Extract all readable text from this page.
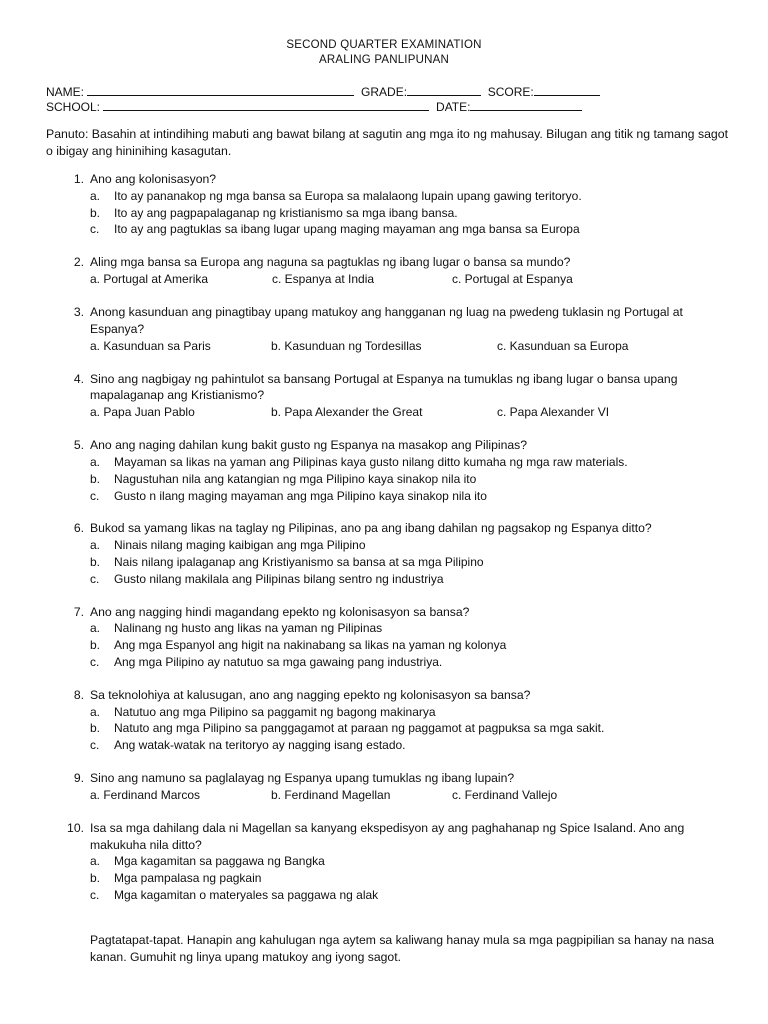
SECOND QUARTER EXAMINATION
ARALING PANLIPUNAN
NAME:	GRADE:	SCORE:
SCHOOL:	DATE:
Panuto: Basahin at intindihing mabuti ang bawat bilang at sagutin ang mga ito ng mahusay. Bilugan ang titik ng tamang sagot o ibigay ang hininihing kasagutan.
1. Ano ang kolonisasyon?
a.	Ito ay pananakop ng mga bansa sa Europa sa malalaong lupain upang gawing teritoryo.
b.	Ito ay ang pagpapalaganap ng kristianismo sa mga ibang bansa.
c.	Ito ay ang pagtuklas sa ibang lugar upang maging mayaman ang mga bansa sa Europa
2. Aling mga bansa sa Europa ang naguna sa pagtuklas ng ibang lugar o bansa sa mundo?
a.
Portugal at Amerika	c. Espanya at India	c. Portugal at Espanya
3. Anong kasunduan ang pinagtibay upang matukoy ang hangganan ng luag na pwedeng tuklasin ng Portugal at Espanya?
a.
Kasunduan sa Paris	b. Kasunduan ng Tordesillas	c. Kasunduan sa Europa
4. Sino ang nagbigay ng pahintulot sa bansang Portugal at Espanya na tumuklas ng ibang lugar o bansa upang mapalaganap ang Kristianismo?
a.
Papa Juan Pablo	b. Papa Alexander the Great	c. Papa Alexander VI
5. Ano ang naging dahilan kung bakit gusto ng Espanya na masakop ang Pilipinas?
a.	Mayaman sa likas na yaman ang Pilipinas kaya gusto nilang ditto kumaha ng mga raw materials.
b.	Nagustuhan nila ang katangian ng mga Pilipino kaya sinakop nila ito
c.	Gusto n ilang maging mayaman ang mga Pilipino kaya sinakop nila ito
6. Bukod sa yamang likas na taglay ng Pilipinas, ano pa ang ibang dahilan ng pagsakop ng Espanya ditto?
a.	Ninais nilang maging kaibigan ang mga Pilipino
b.	Nais nilang ipalaganap ang Kristiyanismo sa bansa at sa mga Pilipino
c.	Gusto nilang makilala ang Pilipinas bilang sentro ng industriya
7. Ano ang nagging hindi magandang epekto ng kolonisasyon sa bansa?
a.	Nalinang ng husto ang likas na yaman ng Pilipinas
b.	Ang mga Espanyol ang higit na nakinabang sa likas na yaman ng kolonya
c.	Ang mga Pilipino ay natutuo sa mga gawaing pang industriya.
8. Sa teknolohiya at kalusugan, ano ang nagging epekto ng kolonisasyon sa bansa?
a.	Natutuo ang mga Pilipino sa paggamit ng bagong makinarya
b.	Natuto ang mga Pilipino sa panggagamot at paraan ng paggamot at pagpuksa sa mga sakit.
c.	Ang watak-watak na teritoryo ay nagging isang estado.
9. Sino ang namuno sa paglalayag ng Espanya upang tumuklas ng ibang lupain?
a.
Ferdinand Marcos	b. Ferdinand Magellan	c. Ferdinand Vallejo
10. Isa sa mga dahilang dala ni Magellan sa kanyang ekspedisyon ay ang paghahanap ng Spice Isaland. Ano ang makukuha nila ditto?
a.	Mga kagamitan sa paggawa ng Bangka
b.	Mga pampalasa ng pagkain
c.	Mga kagamitan o materyales sa paggawa ng alak
Pagtatapat-tapat. Hanapin ang kahulugan nga aytem sa kaliwang hanay mula sa mga pagpipilian sa hanay na nasa kanan. Gumuhit ng linya upang matukoy ang iyong sagot.
